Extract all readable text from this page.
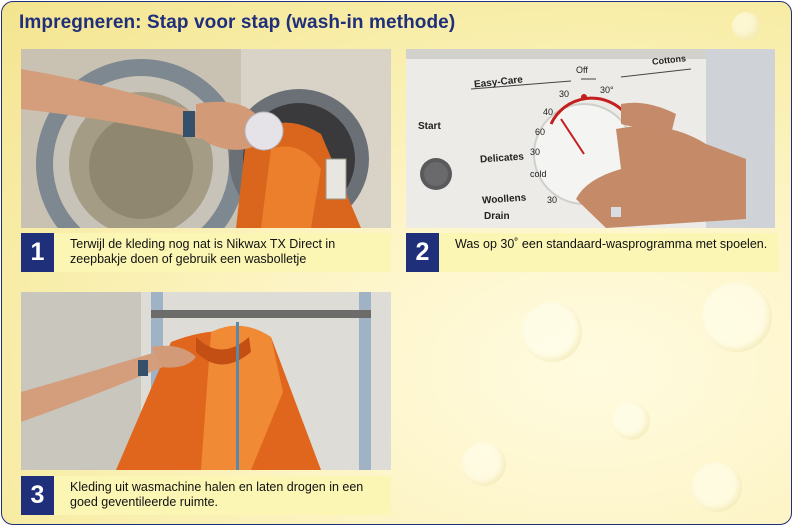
Impregneren: Stap voor stap (wash-in methode)
1	Terwijl de kleding nog nat is Nikwax TX Direct in zeepbakje doen of gebruik een wasbolletje
Easy-Care
Off
Cottons
Start
Delicates
Woollens
Drain
30
40
60
30
cold
30
30°
2	Was op 30˚ een standaard-wasprogramma met spoelen.
3	Kleding uit wasmachine halen en laten drogen in een goed geventileerde ruimte.
